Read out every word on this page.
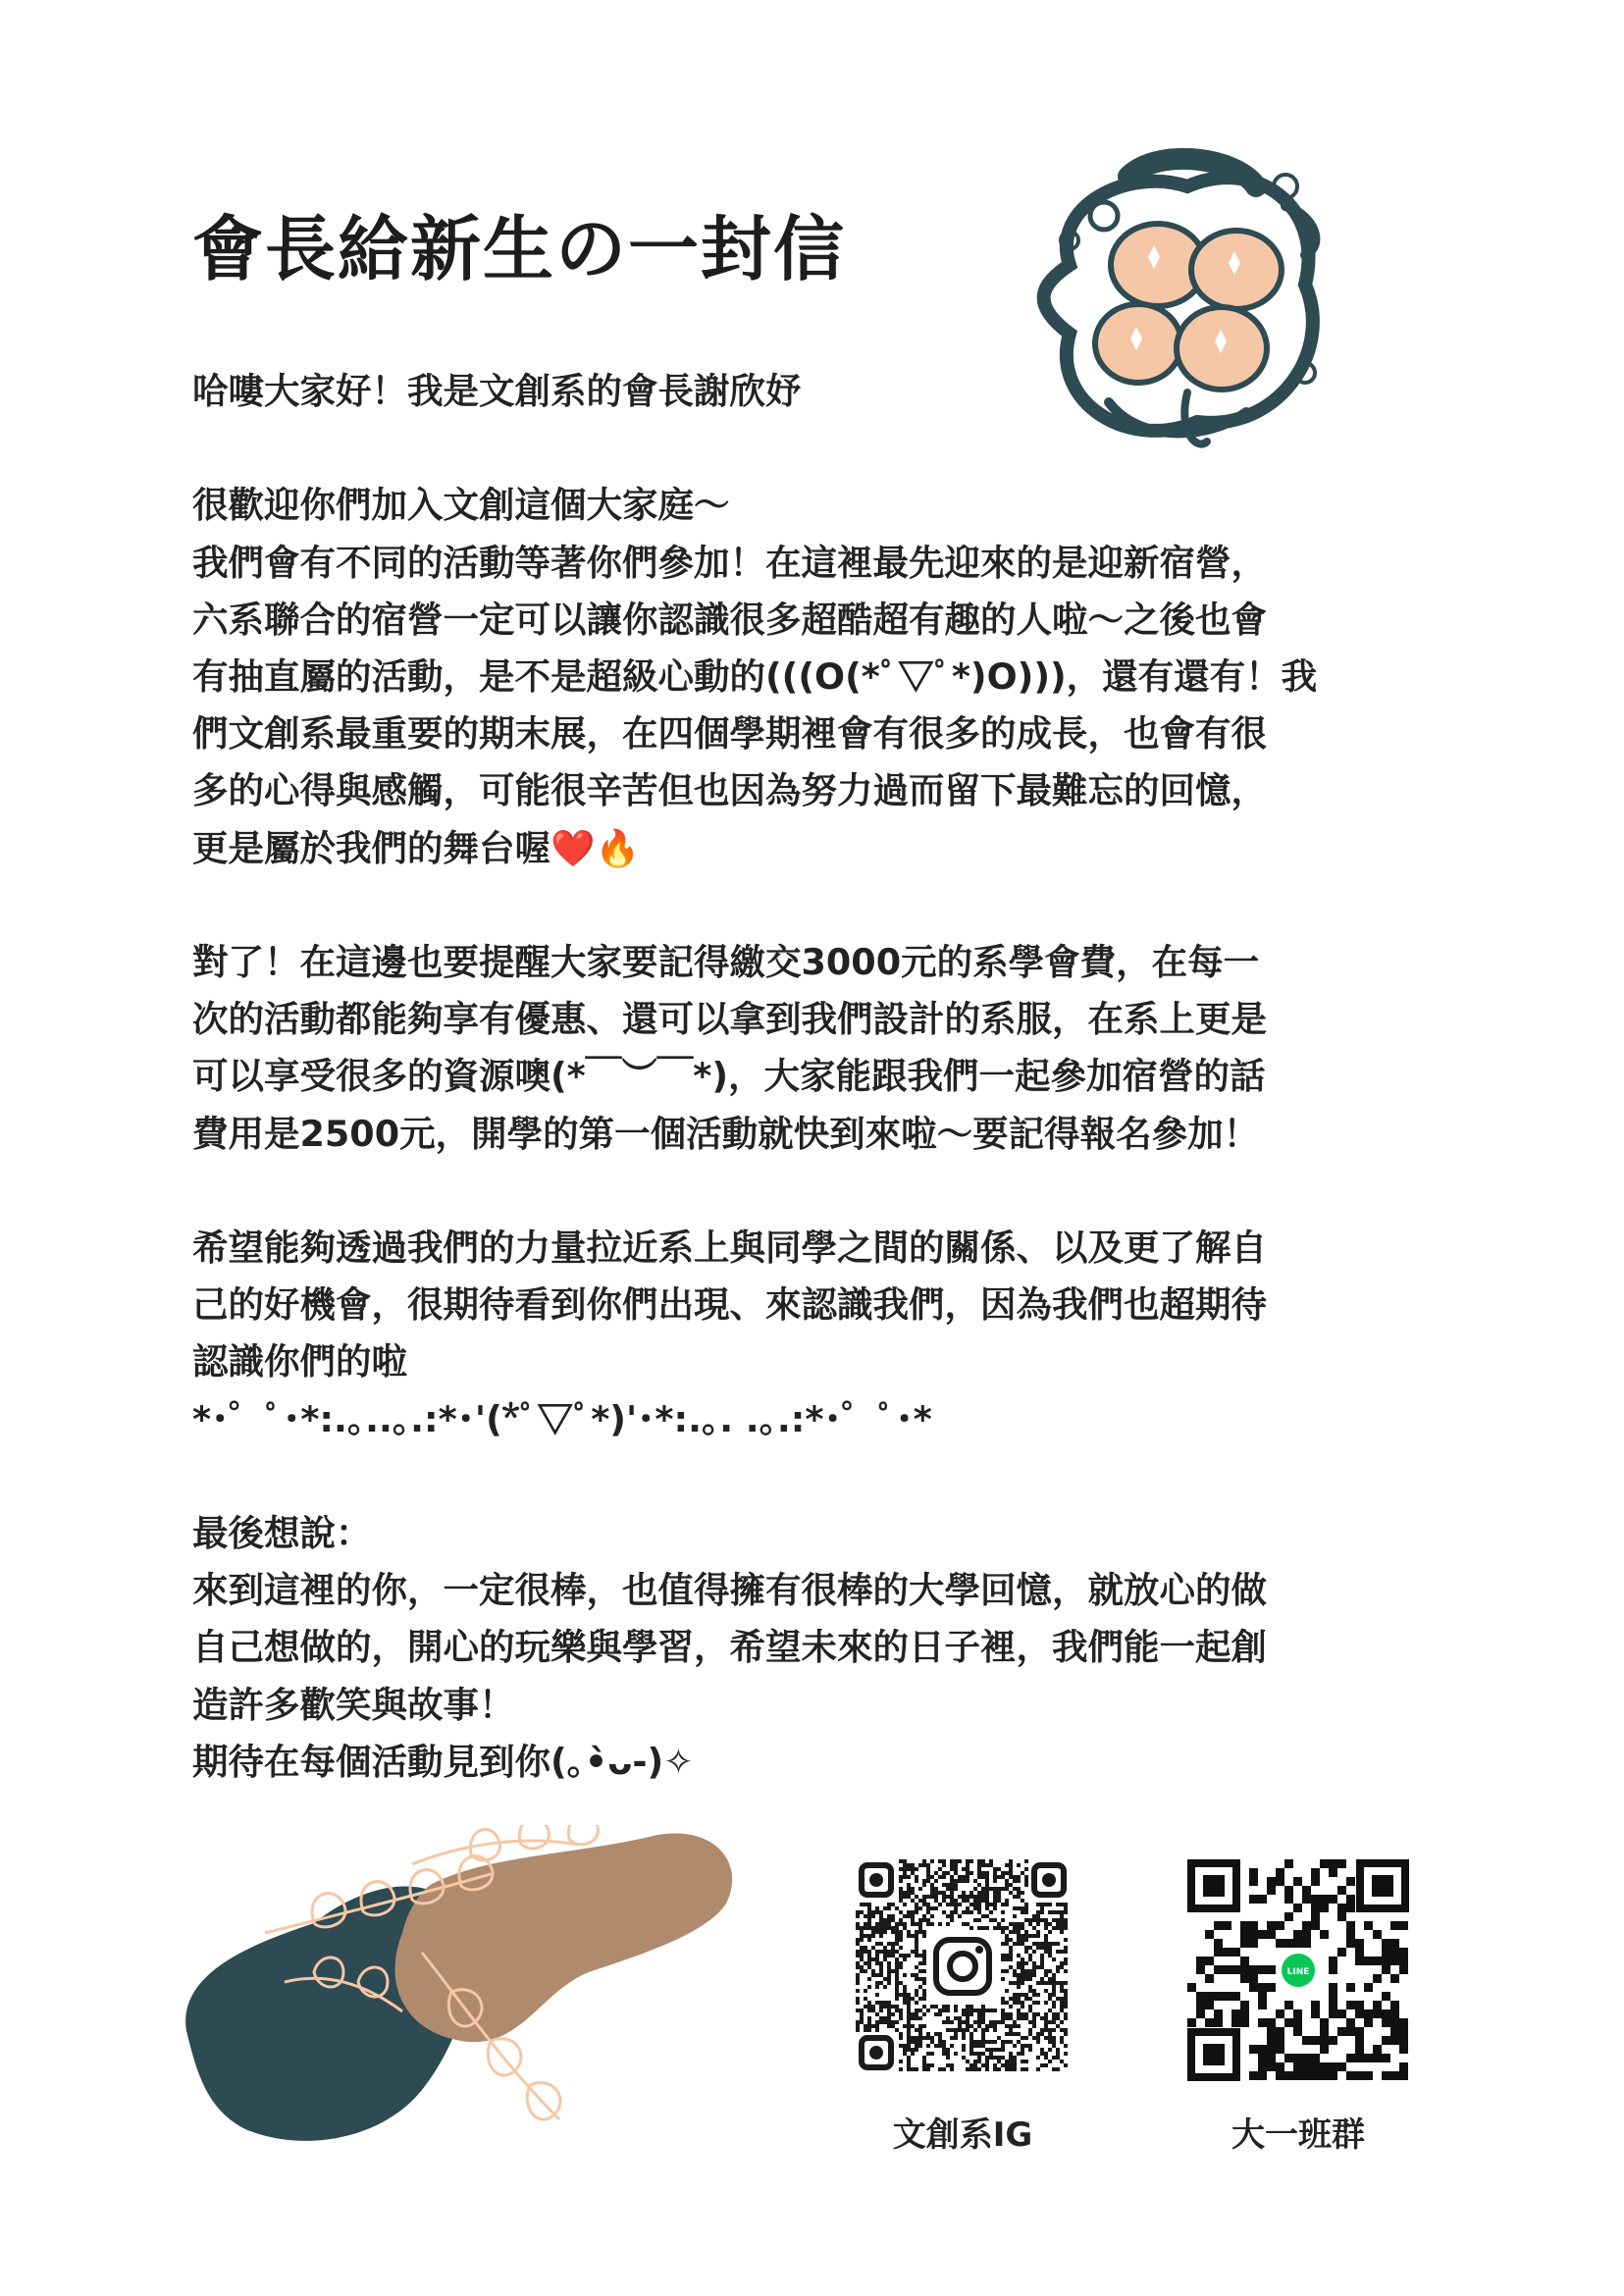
會長給新生の一封信

哈嘍大家好！我是文創系的會長謝欣妤

很歡迎你們加入文創這個大家庭～
我們會有不同的活動等著你們參加！在這裡最先迎來的是迎新宿營，
六系聯合的宿營一定可以讓你認識很多超酷超有趣的人啦～之後也會
有抽直屬的活動，是不是超級心動的(((O(*ﾟ▽ﾟ*)O)))，還有還有！我
們文創系最重要的期末展，在四個學期裡會有很多的成長，也會有很
多的心得與感觸，可能很辛苦但也因為努力過而留下最難忘的回憶，
更是屬於我們的舞台喔❤️🔥

對了！在這邊也要提醒大家要記得繳交3000元的系學會費，在每一
次的活動都能夠享有優惠、還可以拿到我們設計的系服，在系上更是
可以享受很多的資源噢(*￣︶￣*)，大家能跟我們一起參加宿營的話
費用是2500元，開學的第一個活動就快到來啦～要記得報名參加！

希望能夠透過我們的力量拉近系上與同學之間的關係、以及更了解自
己的好機會，很期待看到你們出現、來認識我們，因為我們也超期待
認識你們的啦
*･゜ﾟ･*:.｡..｡.:*･'(*ﾟ▽ﾟ*)'･*:.｡. .｡.:*･゜ﾟ･*

最後想說：
來到這裡的你，一定很棒，也值得擁有很棒的大學回憶，就放心的做
自己想做的，開心的玩樂與學習，希望未來的日子裡，我們能一起創
造許多歡笑與故事！
期待在每個活動見到你(｡•̀ᴗ-)✧

文創系IG
LINE
大一班群
